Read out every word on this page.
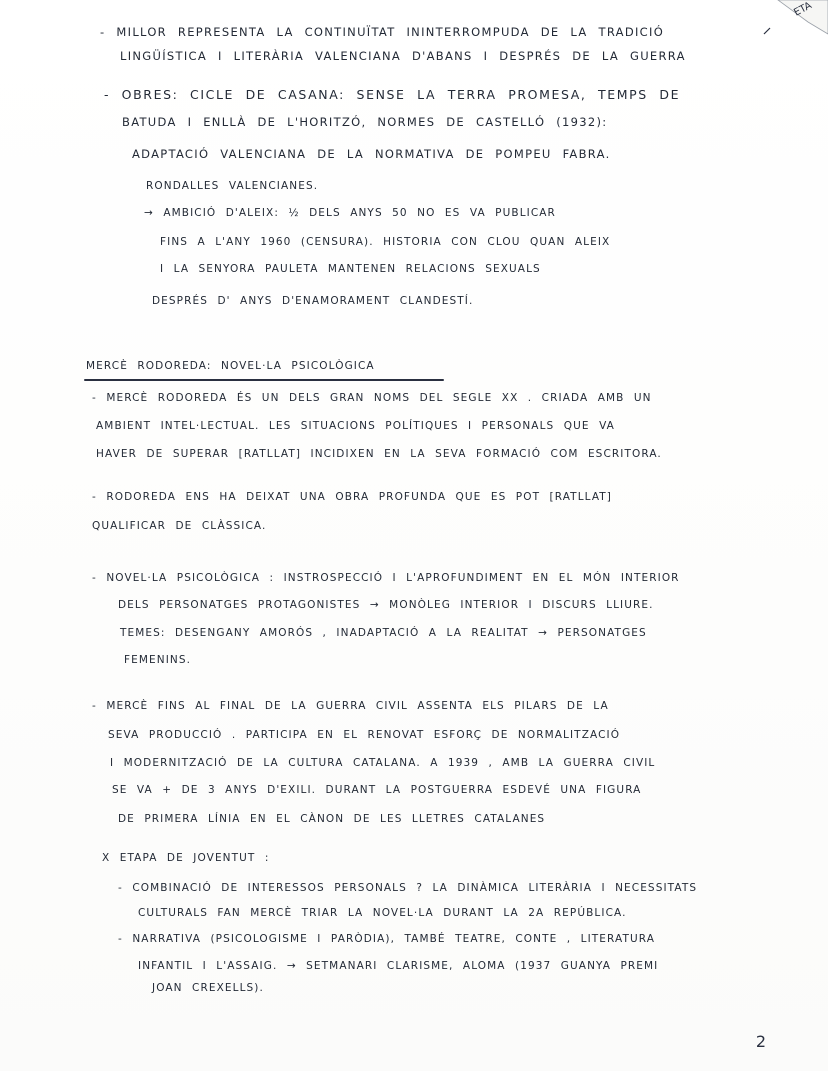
ETA
- MILLOR REPRESENTA LA CONTINUÏTAT ININTERROMPUDA DE LA TRADICIÓ
LINGÜÍSTICA I LITERÀRIA VALENCIANA D'ABANS I DESPRÉS DE LA GUERRA
- OBRES: CICLE DE CASANA: SENSE LA TERRA PROMESA, TEMPS DE
BATUDA I ENLLÀ DE L'HORITZÓ, NORMES DE CASTELLÓ (1932):
ADAPTACIÓ VALENCIANA DE LA NORMATIVA DE POMPEU FABRA.
RONDALLES VALENCIANES.
→ AMBICIÓ D'ALEIX: ½ DELS ANYS 50 NO ES VA PUBLICAR
FINS A L'ANY 1960 (CENSURA). HISTORIA CON CLOU QUAN ALEIX
I LA SENYORA PAULETA MANTENEN RELACIONS SEXUALS
DESPRÉS D' ANYS D'ENAMORAMENT CLANDESTÍ.
MERCÈ RODOREDA: NOVEL·LA PSICOLÒGICA
- MERCÈ RODOREDA ÉS UN DELS GRAN NOMS DEL SEGLE XX . CRIADA AMB UN
AMBIENT INTEL·LECTUAL. LES SITUACIONS POLÍTIQUES I PERSONALS QUE VA
HAVER DE SUPERAR [RATLLAT] INCIDIXEN EN LA SEVA FORMACIÓ COM ESCRITORA.
- RODOREDA ENS HA DEIXAT UNA OBRA PROFUNDA QUE ES POT [RATLLAT]
QUALIFICAR DE CLÀSSICA.
- NOVEL·LA PSICOLÒGICA : INSTROSPECCIÓ I L'APROFUNDIMENT EN EL MÓN INTERIOR
DELS PERSONATGES PROTAGONISTES → MONÒLEG INTERIOR I DISCURS LLIURE.
TEMES: DESENGANY AMORÓS , INADAPTACIÓ A LA REALITAT → PERSONATGES
FEMENINS.
- MERCÈ FINS AL FINAL DE LA GUERRA CIVIL ASSENTA ELS PILARS DE LA
SEVA PRODUCCIÓ . PARTICIPA EN EL RENOVAT ESFORÇ DE NORMALITZACIÓ
I MODERNITZACIÓ DE LA CULTURA CATALANA. A 1939 , AMB LA GUERRA CIVIL
SE VA + DE 3 ANYS D'EXILI. DURANT LA POSTGUERRA ESDEVÉ UNA FIGURA
DE PRIMERA LÍNIA EN EL CÀNON DE LES LLETRES CATALANES
X ETAPA DE JOVENTUT :
- COMBINACIÓ DE INTERESSOS PERSONALS ? LA DINÀMICA LITERÀRIA I NECESSITATS
CULTURALS FAN MERCÈ TRIAR LA NOVEL·LA DURANT LA 2A REPÚBLICA.
- NARRATIVA (PSICOLOGISME I PARÒDIA), TAMBÉ TEATRE, CONTE , LITERATURA
INFANTIL I L'ASSAIG. → SETMANARI CLARISME, ALOMA (1937 GUANYA PREMI
JOAN CREXELLS).
2
